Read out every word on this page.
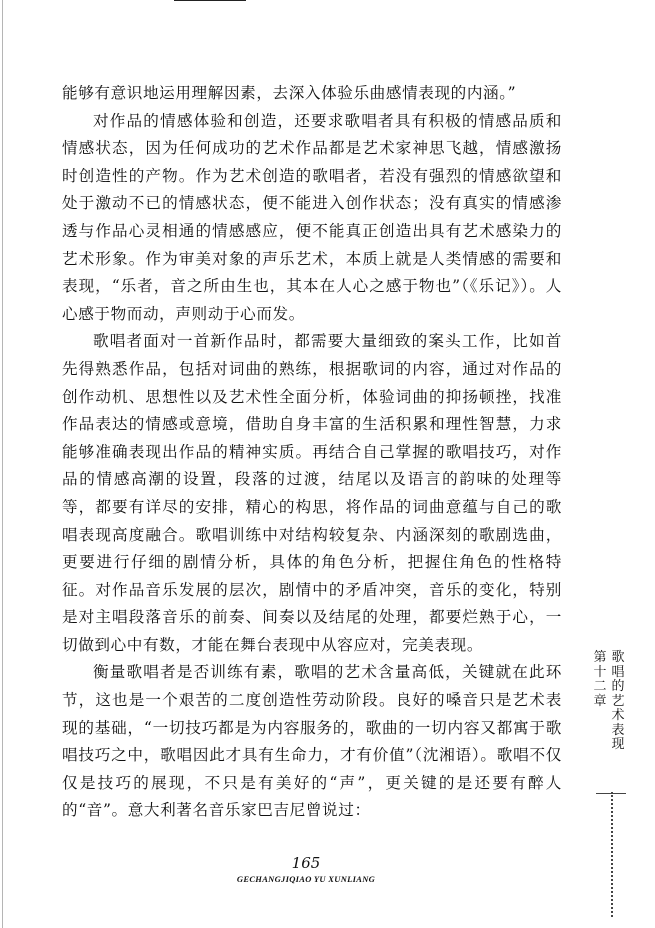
能够有意识地运用理解因素，去深入体验乐曲感情表现的内涵。”

对作品的情感体验和创造，还要求歌唱者具有积极的情感品质和情感状态，因为任何成功的艺术作品都是艺术家神思飞越，情感激扬时创造性的产物。作为艺术创造的歌唱者，若没有强烈的情感欲望和处于激动不已的情感状态，便不能进入创作状态；没有真实的情感渗透与作品心灵相通的情感感应，便不能真正创造出具有艺术感染力的艺术形象。作为审美对象的声乐艺术，本质上就是人类情感的需要和表现，“乐者，音之所由生也，其本在人心之感于物也”（《乐记》）。人心感于物而动，声则动于心而发。

歌唱者面对一首新作品时，都需要大量细致的案头工作，比如首先得熟悉作品，包括对词曲的熟练，根据歌词的内容，通过对作品的创作动机、思想性以及艺术性全面分析，体验词曲的抑扬顿挫，找准作品表达的情感或意境，借助自身丰富的生活积累和理性智慧，力求能够准确表现出作品的精神实质。再结合自己掌握的歌唱技巧，对作品的情感高潮的设置，段落的过渡，结尾以及语言的韵味的处理等等，都要有详尽的安排，精心的构思，将作品的词曲意蕴与自己的歌唱表现高度融合。歌唱训练中对结构较复杂、内涵深刻的歌剧选曲，更要进行仔细的剧情分析，具体的角色分析，把握住角色的性格特征。对作品音乐发展的层次，剧情中的矛盾冲突，音乐的变化，特别是对主唱段落音乐的前奏、间奏以及结尾的处理，都要烂熟于心，一切做到心中有数，才能在舞台表现中从容应对，完美表现。

衡量歌唱者是否训练有素，歌唱的艺术含量高低，关键就在此环节，这也是一个艰苦的二度创造性劳动阶段。良好的嗓音只是艺术表现的基础，“一切技巧都是为内容服务的，歌曲的一切内容又都寓于歌唱技巧之中，歌唱因此才具有生命力，才有价值”（沈湘语）。歌唱不仅仅是技巧的展现，不只是有美好的“声”，更关键的是还要有醉人的“音”。意大利著名音乐家巴吉尼曾说过：

第
十
二
章
歌
唱
的
艺
术
表
现
165
GECHANGJIQIAO YU XUNLIANG
